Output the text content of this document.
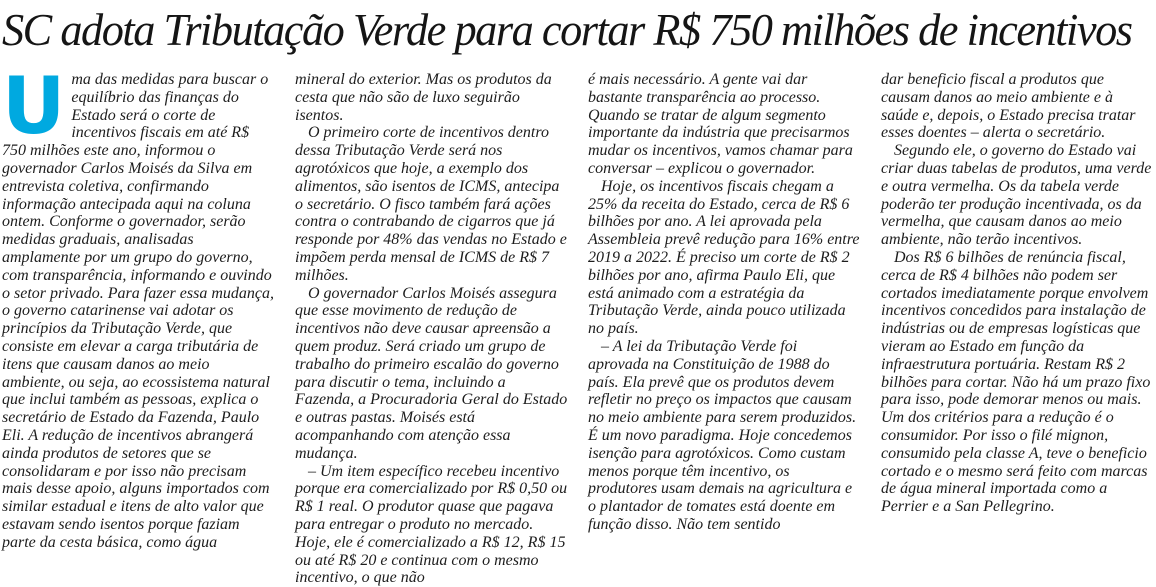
SC adota Tributação Verde para cortar R$ 750 milhões de incentivos

Uma das medidas para buscar o equilíbrio das finanças do Estado será o corte de incentivos fiscais em até R$ 750 milhões este ano, informou o governador Carlos Moisés da Silva em entrevista coletiva, confirmando informação antecipada aqui na coluna ontem. Conforme o governador, serão medidas graduais, analisadas amplamente por um grupo do governo, com transparência, informando e ouvindo o setor privado. Para fazer essa mudança, o governo catarinense vai adotar os princípios da Tributação Verde, que consiste em elevar a carga tributária de itens que causam danos ao meio ambiente, ou seja, ao ecossistema natural que inclui também as pessoas, explica o secretário de Estado da Fazenda, Paulo Eli. A redução de incentivos abrangerá ainda produtos de setores que se consolidaram e por isso não precisam mais desse apoio, alguns importados com similar estadual e itens de alto valor que estavam sendo isentos porque faziam parte da cesta básica, como água

mineral do exterior. Mas os produtos da cesta que não são de luxo seguirão isentos.

O primeiro corte de incentivos dentro dessa Tributação Verde será nos agrotóxicos que hoje, a exemplo dos alimentos, são isentos de ICMS, antecipa o secretário. O fisco também fará ações contra o contrabando de cigarros que já responde por 48% das vendas no Estado e impõem perda mensal de ICMS de R$ 7 milhões.

O governador Carlos Moisés assegura que esse movimento de redução de incentivos não deve causar apreensão a quem produz. Será criado um grupo de trabalho do primeiro escalão do governo para discutir o tema, incluindo a Fazenda, a Procuradoria Geral do Estado e outras pastas. Moisés está acompanhando com atenção essa mudança.

– Um item específico recebeu incentivo porque era comercializado por R$ 0,50 ou R$ 1 real. O produtor quase que pagava para entregar o produto no mercado. Hoje, ele é comercializado a R$ 12, R$ 15 ou até R$ 20 e continua com o mesmo incentivo, o que não

é mais necessário. A gente vai dar bastante transparência ao processo. Quando se tratar de algum segmento importante da indústria que precisarmos mudar os incentivos, vamos chamar para conversar – explicou o governador.

Hoje, os incentivos fiscais chegam a 25% da receita do Estado, cerca de R$ 6 bilhões por ano. A lei aprovada pela Assembleia prevê redução para 16% entre 2019 a 2022. É preciso um corte de R$ 2 bilhões por ano, afirma Paulo Eli, que está animado com a estratégia da Tributação Verde, ainda pouco utilizada no país.

– A lei da Tributação Verde foi aprovada na Constituição de 1988 do país. Ela prevê que os produtos devem refletir no preço os impactos que causam no meio ambiente para serem produzidos. É um novo paradigma. Hoje concedemos isenção para agrotóxicos. Como custam menos porque têm incentivo, os produtores usam demais na agricultura e o plantador de tomates está doente em função disso. Não tem sentido

dar beneficio fiscal a produtos que causam danos ao meio ambiente e à saúde e, depois, o Estado precisa tratar esses doentes – alerta o secretário.

Segundo ele, o governo do Estado vai criar duas tabelas de produtos, uma verde e outra vermelha. Os da tabela verde poderão ter produção incentivada, os da vermelha, que causam danos ao meio ambiente, não terão incentivos.

Dos R$ 6 bilhões de renúncia fiscal, cerca de R$ 4 bilhões não podem ser cortados imediatamente porque envolvem incentivos concedidos para instalação de indústrias ou de empresas logísticas que vieram ao Estado em função da infraestrutura portuária. Restam R$ 2 bilhões para cortar. Não há um prazo fixo para isso, pode demorar menos ou mais. Um dos critérios para a redução é o consumidor. Por isso o filé mignon, consumido pela classe A, teve o beneficio cortado e o mesmo será feito com marcas de água mineral importada como a Perrier e a San Pellegrino.
